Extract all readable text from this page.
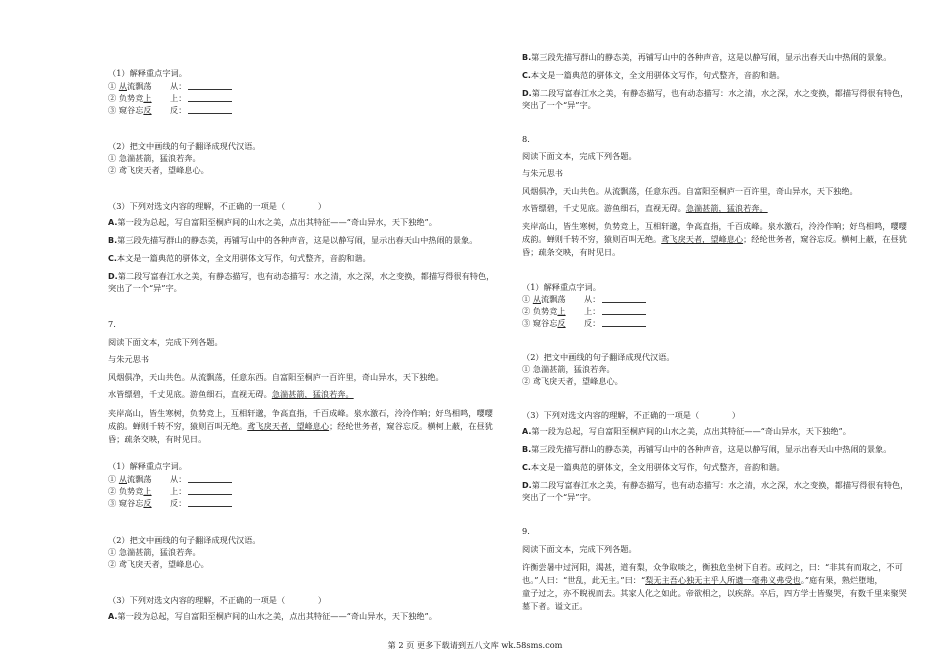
（1）解释重点字词。
① 从流飘荡 从：
② 负势竞上 上：
③ 窥谷忘反 反：
（2）把文中画线的句子翻译成现代汉语。
① 急湍甚箭，猛浪若奔。
② 鸢飞戾天者，望峰息心。
（3）下列对选文内容的理解，不正确的一项是（　　　　）
A.第一段为总起，写自富阳至桐庐间的山水之美，点出其特征——“奇山异水，天下独绝”。
B.第三段先描写群山的静态美，再铺写山中的各种声音，这是以静写闹，显示出春天山中热闹的景象。
C.本文是一篇典范的骈体文，全文用骈体文写作，句式整齐，音韵和谐。
D.第二段写富春江水之美，有静态描写，也有动态描写：水之清，水之深，水之变换，都描写得很有特色，
突出了一个“异”字。
7.
阅读下面文本，完成下列各题。
与朱元思书
风烟俱净，天山共色。从流飘荡，任意东西。自富阳至桐庐一百许里，奇山异水，天下独绝。
水皆缥碧，千丈见底。游鱼细石，直视无碍。急湍甚箭，猛浪若奔。
夹岸高山，皆生寒树，负势竞上，互相轩邈，争高直指，千百成峰。泉水激石，泠泠作响；好鸟相鸣，嘤嘤
成韵。蝉则千转不穷，猿则百叫无绝。鸢飞戾天者，望峰息心；经纶世务者，窥谷忘反。横柯上蔽，在昼犹
昏；疏条交映，有时见日。
（1）解释重点字词。
① 从流飘荡 从：
② 负势竞上 上：
③ 窥谷忘反 反：
（2）把文中画线的句子翻译成现代汉语。
① 急湍甚箭，猛浪若奔。
② 鸢飞戾天者，望峰息心。
（3）下列对选文内容的理解，不正确的一项是（　　　　）
A.第一段为总起，写自富阳至桐庐间的山水之美，点出其特征——“奇山异水，天下独绝”。
B.第三段先描写群山的静态美，再铺写山中的各种声音，这是以静写闹，显示出春天山中热闹的景象。
C.本文是一篇典范的骈体文，全文用骈体文写作，句式整齐，音韵和谐。
D.第二段写富春江水之美，有静态描写，也有动态描写：水之清，水之深，水之变换，都描写得很有特色，
突出了一个“异”字。
8.
阅读下面文本，完成下列各题。
与朱元思书
风烟俱净，天山共色。从流飘荡，任意东西。自富阳至桐庐一百许里，奇山异水，天下独绝。
水皆缥碧，千丈见底。游鱼细石，直视无碍。急湍甚箭，猛浪若奔。
夹岸高山，皆生寒树，负势竞上，互相轩邈，争高直指，千百成峰。泉水激石，泠泠作响；好鸟相鸣，嘤嘤
成韵。蝉则千转不穷，猿则百叫无绝。鸢飞戾天者，望峰息心；经纶世务者，窥谷忘反。横柯上蔽，在昼犹
昏；疏条交映，有时见日。
（1）解释重点字词。
① 从流飘荡 从：
② 负势竞上 上：
③ 窥谷忘反 反：
（2）把文中画线的句子翻译成现代汉语。
① 急湍甚箭，猛浪若奔。
② 鸢飞戾天者，望峰息心。
（3）下列对选文内容的理解，不正确的一项是（　　　　）
A.第一段为总起，写自富阳至桐庐间的山水之美，点出其特征——“奇山异水，天下独绝”。
B.第三段先描写群山的静态美，再铺写山中的各种声音，这是以静写闹，显示出春天山中热闹的景象。
C.本文是一篇典范的骈体文，全文用骈体文写作，句式整齐，音韵和谐。
D.第二段写富春江水之美，有静态描写，也有动态描写：水之清，水之深，水之变换，都描写得很有特色，
突出了一个“异”字。
9.
阅读下面文本，完成下列各题。
许衡尝暑中过河阳，渴甚，道有梨，众争取啖之，衡独危坐树下自若。或问之，曰：“非其有而取之，不可
也。”人曰：“世乱，此无主。”曰：“梨无主吾心独无主乎人所遗一毫弗义弗受也。”庭有果，熟烂堕地，
童子过之，亦不睨视而去。其家人化之如此。帝欲相之，以疾辞。卒后，四方学士皆聚哭，有数千里来聚哭
墓下者。谥文正。
第 2 页 更多下载请到五八文库 wk.58sms.com
